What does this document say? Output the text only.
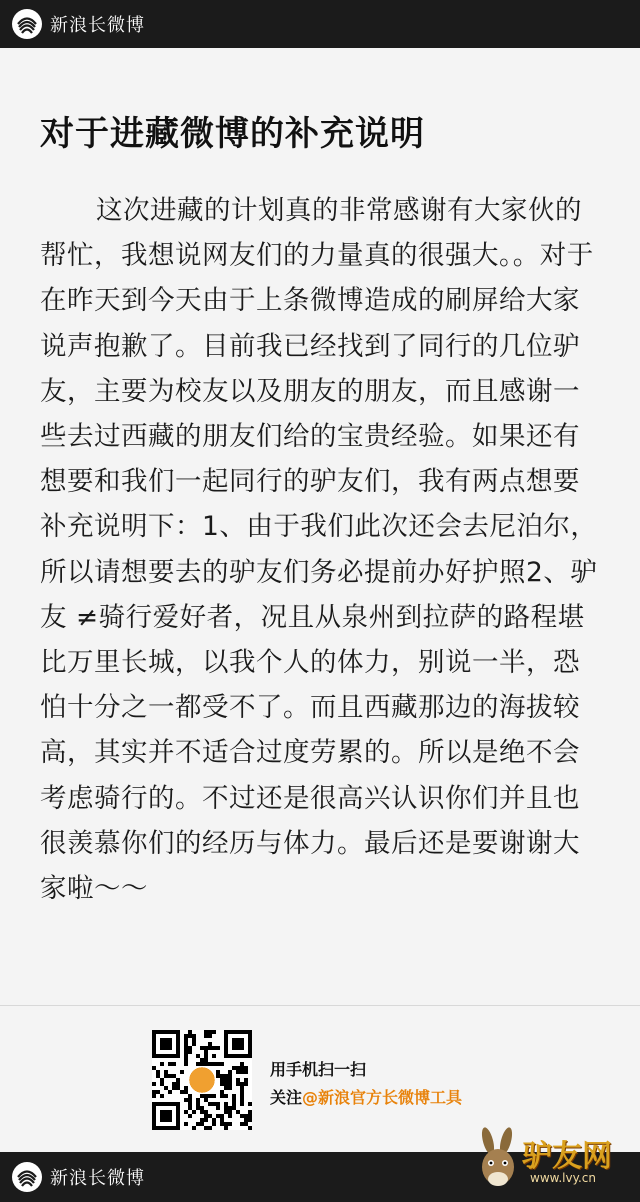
新浪长微博
对于进藏微博的补充说明

这次进藏的计划真的非常感谢有大家伙的帮忙，我想说网友们的力量真的很强大。。对于在昨天到今天由于上条微博造成的刷屏给大家说声抱歉了。目前我已经找到了同行的几位驴友，主要为校友以及朋友的朋友，而且感谢一些去过西藏的朋友们给的宝贵经验。如果还有想要和我们一起同行的驴友们，我有两点想要补充说明下：1、由于我们此次还会去尼泊尔，所以请想要去的驴友们务必提前办好护照2、驴友 ≠骑行爱好者，况且从泉州到拉萨的路程堪比万里长城，以我个人的体力，别说一半，恐怕十分之一都受不了。而且西藏那边的海拔较高，其实并不适合过度劳累的。所以是绝不会考虑骑行的。不过还是很高兴认识你们并且也很羡慕你们的经历与体力。最后还是要谢谢大家啦～～

用手机扫一扫
关注@新浪官方长微博工具
新浪长微博
驴友网
www.lvy.cn
